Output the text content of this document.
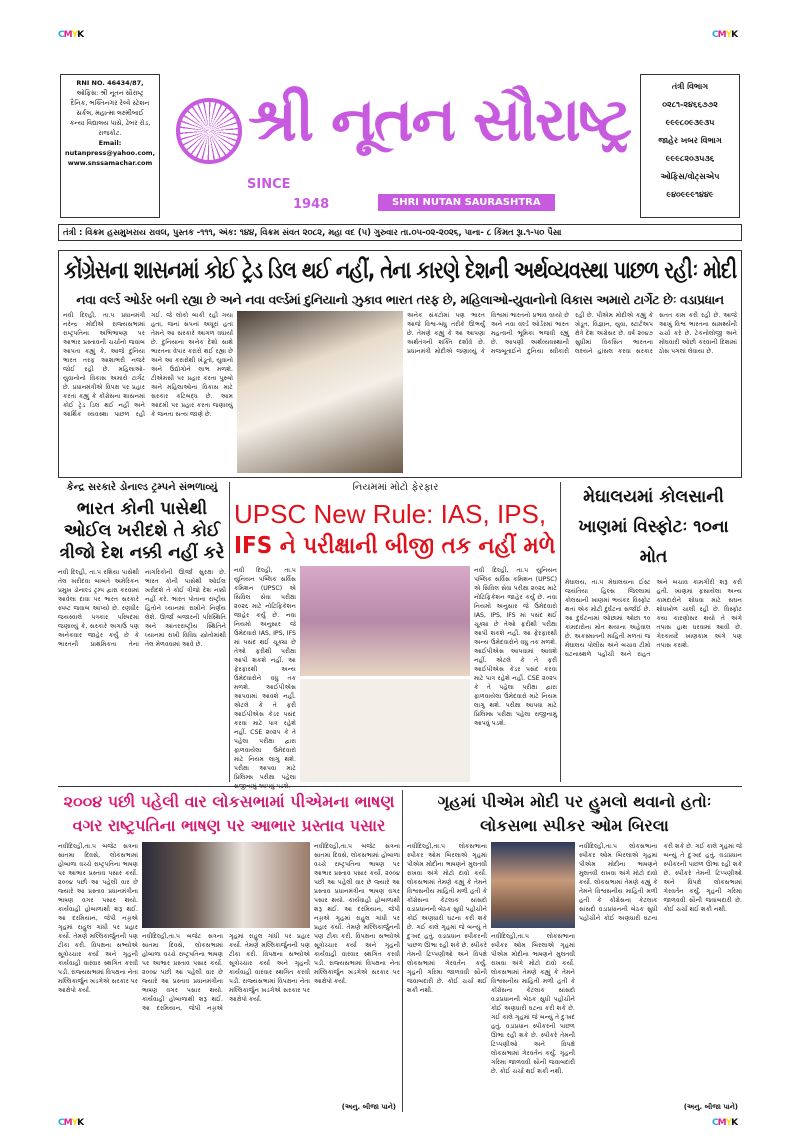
CMYK	CMYK
RNI NO. 46434/87,
ઓફિસ: શ્રી નૂતન સૌરાષ્ટ્ર
દૈનિક, ભક્તિનગર રેલ્વે સ્ટેશન
સર્કલ, મહાત્મા લક્ષ્મીબાઈ
કન્યા વિદ્યાલય પાસે, ઢેબર રોડ,
રાજકોટ.
Email:
nutanpress@yahoo.com,
www.snssamachar.com
શ્રી નૂતન સૌરાષ્ટ્ર
SINCE
1948	SHRI NUTAN SAURASHTRA
તંત્રી વિભાગ
૦૨૮૧-૨૪૬૬૭૭૨
૯૯૯૮૦૯૩૯૩૫
જાહેર ખબર વિભાગ
૯૯૯૮૨૦૩૫૩૬
ઓફિસ/વોટ્સએપ
૯૪૦૯૯૯૧૪૪૯
તંત્રી : વિક્રમ હસમુખરાય રાવલ, પુસ્તક -૧૧૧, અંક: ૧૪૪, વિક્રમ સંવત ૨૦૮૨, મહા વદ (૫) ગુરુવાર તા.૦૫-૦૨-૨૦૨૬, પાના- ૮ કિંમત રૂા.૧-૫૦ પૈસા
કોંગ્રેસના શાસનમાં કોઈ ટ્રેડ ડિલ થઈ નહીં, તેના કારણે દેશની અર્થવ્યવસ્થા પાછળ રહીઃ મોદી
નવા વર્લ્ડ ઓર્ડર બની રહ્યા છે અને નવા વર્લ્ડમાં દુનિયાનો ઝુકાવ ભારત તરફ છે, મહિલાઓ-યુવાનોનો વિકાસ અમારો ટાર્ગેટ છેઃ વડાપ્રધાન
નવી દિલ્હી, તા.૫ પ્રધાનમંત્રી નરેન્દ્ર મોદીએ રાજ્યસભામાં રાષ્ટ્રપતિના અભિભાષણ પર આભાર પ્રસ્તાવની ચર્ચાનો જવાબ આપતા કહ્યું કે, આજે દુનિયા ભારત તરફ આશાભરી નજરે જોઈ રહી છે. મહિલાઓ-યુવાનોનો વિકાસ અમારો ટાર્ગેટ છે. પ્રધાનમંત્રીએ વિપક્ષ પર પ્રહાર કરતાં કહ્યું કે કોંગ્રેસના શાસનમાં કોઈ ટ્રેડ ડિલ થઈ નહીં અને આર્થિક વ્યવસ્થા પાછળ રહી ગઈ. જે લોકો બાકી રહી ગયા હતા, જનાં સપનાં અધૂરાં હતાં તેમને આ સરકારે આગળ વધાર્યા છે. દુનિયાના અનેક દેશો સાથે ભારતના વેપાર કરારો થઈ રહ્યા છે અને આ કરારોથી ખેડૂતો, યુવાનો અને ઉદ્યોગોને લાભ મળશે. ટીએમસી પર પ્રહાર કરતા પુરુષો અને મહિલાઓના વિકાસ માટે સરકાર કટિબદ્ધ છે. આમ આદમી પર પ્રહાર કરતા જણાવ્યું કે જનતા સત્ય જાણે છે.
અનેક સંકટોમાં પણ ભારત આજે વિશ્વ-બંધુ તરીકે ઊભર્યું છે. તેમણે કહ્યું કે આ આપણા અર્થતંત્રની શક્તિ દર્શાવે છે. પ્રધાનમંત્રી મોદીએ જણાવ્યું કે વિશ્વમાં ભારતનો પ્રભાવ વધ્યો છે અને નવા વર્લ્ડ ઓર્ડરમાં ભારત મહત્વની ભૂમિકા ભજવી રહ્યું છે. આપણી અર્થવ્યવસ્થાની મજબૂતાઈને દુનિયા સ્વીકારી રહી છે. પીએમ મોદીએ કહ્યું કે ખેડૂત, વિજ્ઞાન, યુવા, સ્ટાર્ટઅપ ક્ષેત્રે દેશ અગ્રેસર છે. વર્ષ ૨૦૪૭ સુધીમાં વિકસિત ભારતના લક્ષ્યને હાંસલ કરવા સરકાર સતત કામ કરી રહી છે. આજે આખું વિશ્વ ભારતના સામર્થ્યની ચર્ચા કરે છે. ટેકનોલોજી અને મોંઘવારી ઓછી કરવાની દિશામાં ઠોસ પગલાં લેવાયા છે.
કેન્દ્ર સરકારે ડોનાલ્ડ ટ્રમ્પને સંભળાવ્યું
ભારત કોની પાસેથી ઓઈલ ખરીદશે તે કોઈ ત્રીજો દેશ નક્કી નહીં કરે
નવી દિલ્હી, તા.૫ રશિયા પાસેથી તેલ ખરીદવા બાબતે અમેરિકન પ્રમુખ ડોનાલ્ડ ટ્રમ્પ દ્વારા કરવામાં આવેલા દાવા પર ભારત સરકારે સ્પષ્ટ જવાબ આપ્યો છે. રણધીર જયસ્વાલે પત્રકાર પરિષદમાં જણાવ્યું કે, સરકારે અગાઉ પણ અનેકવાર જાહેર કર્યું છે કે ભારતની પ્રાથમિકતા તેના નાગરિકોની ઊર્જા સુરક્ષા છે. ભારત કોની પાસેથી ઓઈલ ખરીદશે તે કોઈ ત્રીજો દેશ નક્કી નહીં કરે. ભારત પોતાના રાષ્ટ્રીય હિતોને ધ્યાનમાં રાખીને નિર્ણય લેશે. ઊર્જા બજારની પરિસ્થિતિ અને આંતરરાષ્ટ્રીય સ્થિતિને ધ્યાનમાં રાખી વિવિધ સ્ત્રોતોમાંથી તેલ મેળવવામાં આવે છે.
નિયમમાં મોટો ફેરફાર
UPSC New Rule: IAS, IPS,
IFS ને પરીક્ષાની બીજી તક નહીં મળે
નવી દિલ્હી, તા.૫ યુનિયન પબ્લિક સર્વિસ કમિશન (UPSC) એ સિવિલ સેવા પરીક્ષા ૨૦૨૬ માટે નોટિફિકેશન જાહેર કર્યું છે. નવા નિયમો અનુસાર જે ઉમેદવારો IAS, IPS, IFS માં પસંદ થઈ ચૂક્યા છે તેઓ ફરીથી પરીક્ષા આપી શકશે નહીં. આ ફેરફારથી અન્ય ઉમેદવારોને વધુ તક મળશે. આઈપીએસ આપવામાં આવશે નહીં. એટલે કે તે ફરી આઈપીએસ કેડર પસંદ કરવા માટે પાત્ર રહેશે નહીં. CSE ૨૦૨૫ કે તે પહેલા પરીક્ષા દ્વારા ફાળવાયેલા ઉમેદવારો માટે નિયમ લાગુ થશે. પરીક્ષા આપવા માટે પ્રિલિમ્સ પરીક્ષા પહેલા રાજીનામું આપવું પડશે.
નવી દિલ્હી, તા.૫ યુનિયન પબ્લિક સર્વિસ કમિશન (UPSC) એ સિવિલ સેવા પરીક્ષા ૨૦૨૬ માટે નોટિફિકેશન જાહેર કર્યું છે. નવા નિયમો અનુસાર જે ઉમેદવારો IAS, IPS, IFS માં પસંદ થઈ ચૂક્યા છે તેઓ ફરીથી પરીક્ષા આપી શકશે નહીં. આ ફેરફારથી અન્ય ઉમેદવારોને વધુ તક મળશે. આઈપીએસ આપવામાં આવશે નહીં. એટલે કે તે ફરી આઈપીએસ કેડર પસંદ કરવા માટે પાત્ર રહેશે નહીં. CSE ૨૦૨૫ કે તે પહેલા પરીક્ષા દ્વારા ફાળવાયેલા ઉમેદવારો માટે નિયમ લાગુ થશે. પરીક્ષા આપવા માટે પ્રિલિમ્સ પરીક્ષા પહેલા રાજીનામું આપવું પડશે.
મેઘાલયમાં કોલસાની ખાણમાં વિસ્ફોટઃ ૧૦ના મોત
મેઘાલય, તા.૫ મેઘાલયના ઈસ્ટ જયંતિયા હિલ્સ જિલ્લામાં કોલસાની ખાણમાં ભયંકર વિસ્ફોટ થતાં એક મોટી દુર્ઘટના સર્જાઈ છે. આ દુર્ઘટનામાં ઓછામાં ઓછા ૧૦ કામદારોના મોત થયાના અહેવાલ છે. અકસ્માતની માહિતી મળતાં જ મેઘાલય પોલીસ અને બચાવ ટીમો ઘટનાસ્થળે પહોંચી અને રાહત અને બચાવ કામગીરી શરૂ કરી હતી. ખાણમાં ફસાયેલા અન્ય કામદારોને શોધવા માટે સઘન શોધખોળ ચાલી રહી છે. વિસ્ફોટ કયા કારણોસર થયો તે અંગે તપાસ હાથ ધરવામાં આવી છે. ગેરકાયદે ખાણકામ અંગે પણ તપાસ કરાશે.
૨૦૦૪ પછી પહેલી વાર લોકસભામાં પીએમના ભાષણ વગર રાષ્ટ્રપતિના ભાષણ પર આભાર પ્રસ્તાવ પસાર
નવીદિલ્હી,તા.૫ બજેટ સત્રના સાતમા દિવસે, લોકસભામાં હોબાળા વચ્ચે રાષ્ટ્રપતિના ભાષણ પર આભાર પ્રસ્તાવ પસાર કર્યો. ૨૦૦૪ પછી આ પહેલી વાર છે જ્યારે આ પ્રસ્તાવ પ્રધાનમંત્રીના ભાષણ વગર પસાર થયો. કાર્યવાહી હોબાળાથી શરૂ થઈ. આ દરમિયાન, જેપી નડ્ડાએ ગૃહમાં રાહુલ ગાંધી પર પ્રહાર કર્યો. તેમણે મલ્લિકાર્જુનની પણ ટીકા કરી. વિપક્ષના સભ્યોએ સૂત્રોચ્ચાર કર્યા અને ગૃહની કાર્યવાહી વારંવાર સ્થગિત કરવી પડી. રાજ્યસભામાં વિપક્ષના નેતા મલ્લિકાર્જુન ખડગેએ સરકાર પર આક્ષેપો કર્યા.
નવીદિલ્હી,તા.૫ બજેટ સત્રના સાતમા દિવસે, લોકસભામાં હોબાળા વચ્ચે રાષ્ટ્રપતિના ભાષણ પર આભાર પ્રસ્તાવ પસાર કર્યો. ૨૦૦૪ પછી આ પહેલી વાર છે જ્યારે આ પ્રસ્તાવ પ્રધાનમંત્રીના ભાષણ વગર પસાર થયો. કાર્યવાહી હોબાળાથી શરૂ થઈ. આ દરમિયાન, જેપી નડ્ડાએ ગૃહમાં રાહુલ ગાંધી પર પ્રહાર કર્યો. તેમણે મલ્લિકાર્જુનની પણ ટીકા કરી. વિપક્ષના સભ્યોએ સૂત્રોચ્ચાર કર્યા અને ગૃહની કાર્યવાહી વારંવાર સ્થગિત કરવી પડી. રાજ્યસભામાં વિપક્ષના નેતા મલ્લિકાર્જુન ખડગેએ સરકાર પર આક્ષેપો કર્યા.
નવીદિલ્હી,તા.૫ બજેટ સત્રના સાતમા દિવસે, લોકસભામાં હોબાળા વચ્ચે રાષ્ટ્રપતિના ભાષણ પર આભાર પ્રસ્તાવ પસાર કર્યો. ૨૦૦૪ પછી આ પહેલી વાર છે જ્યારે આ પ્રસ્તાવ પ્રધાનમંત્રીના ભાષણ વગર પસાર થયો. કાર્યવાહી હોબાળાથી શરૂ થઈ. આ દરમિયાન, જેપી નડ્ડાએ ગૃહમાં રાહુલ ગાંધી પર પ્રહાર કર્યો. તેમણે મલ્લિકાર્જુનની પણ ટીકા કરી. વિપક્ષના સભ્યોએ સૂત્રોચ્ચાર કર્યા અને ગૃહની કાર્યવાહી વારંવાર સ્થગિત કરવી પડી. રાજ્યસભામાં વિપક્ષના નેતા મલ્લિકાર્જુન ખડગેએ સરકાર પર આક્ષેપો કર્યા.
(અનુ. બીજા પાને)
ગૃહમાં પીએમ મોદી પર હુમલો થવાનો હતોઃ લોકસભા સ્પીકર ઓમ બિરલા
નવીદિલ્હી,તા.૫ લોકસભાના સ્પીકર ઓમ બિરલાએ ગૃહમાં પીએમ મોદીના ભાષણને મુલતવી રાખવા અંગે મોટો દાવો કર્યો. લોકસભામાં તેમણે કહ્યું કે તેમને વિશ્વસનીય માહિતી મળી હતી કે કોંગ્રેસના કેટલાક સાંસદો વડાપ્રધાનની બેઠક સુધી પહોંચીને કોઈ અણધારી ઘટના કરી શકે છે. ગઈ કાલે ગૃહમાં જે બન્યું તે દુઃખદ હતું. વડાપ્રધાન સ્પીકરની પાછળ ઊભા રહી શકે છે. સ્પીકરે તેમની ટિપ્પણીઓ અને વિપક્ષે લોકસભામાં ગેરવર્તન કર્યું. ગૃહની ગરિમા જાળવવી સૌની જવાબદારી છે. કોઈ ચર્ચા થઈ શકી નથી.
નવીદિલ્હી,તા.૫ લોકસભાના સ્પીકર ઓમ બિરલાએ ગૃહમાં પીએમ મોદીના ભાષણને મુલતવી રાખવા અંગે મોટો દાવો કર્યો. લોકસભામાં તેમણે કહ્યું કે તેમને વિશ્વસનીય માહિતી મળી હતી કે કોંગ્રેસના કેટલાક સાંસદો વડાપ્રધાનની બેઠક સુધી પહોંચીને કોઈ અણધારી ઘટના કરી શકે છે. ગઈ કાલે ગૃહમાં જે બન્યું તે દુઃખદ હતું. વડાપ્રધાન સ્પીકરની પાછળ ઊભા રહી શકે છે. સ્પીકરે તેમની ટિપ્પણીઓ અને વિપક્ષે લોકસભામાં ગેરવર્તન કર્યું. ગૃહની ગરિમા જાળવવી સૌની જવાબદારી છે. કોઈ ચર્ચા થઈ શકી નથી.
નવીદિલ્હી,તા.૫ લોકસભાના સ્પીકર ઓમ બિરલાએ ગૃહમાં પીએમ મોદીના ભાષણને મુલતવી રાખવા અંગે મોટો દાવો કર્યો. લોકસભામાં તેમણે કહ્યું કે તેમને વિશ્વસનીય માહિતી મળી હતી કે કોંગ્રેસના કેટલાક સાંસદો વડાપ્રધાનની બેઠક સુધી પહોંચીને કોઈ અણધારી ઘટના કરી શકે છે. ગઈ કાલે ગૃહમાં જે બન્યું તે દુઃખદ હતું. વડાપ્રધાન સ્પીકરની પાછળ ઊભા રહી શકે છે. સ્પીકરે તેમની ટિપ્પણીઓ અને વિપક્ષે લોકસભામાં ગેરવર્તન કર્યું. ગૃહની ગરિમા જાળવવી સૌની જવાબદારી છે. કોઈ ચર્ચા થઈ શકી નથી.
(અનુ. બીજા પાને)
CMYK	CMYK
